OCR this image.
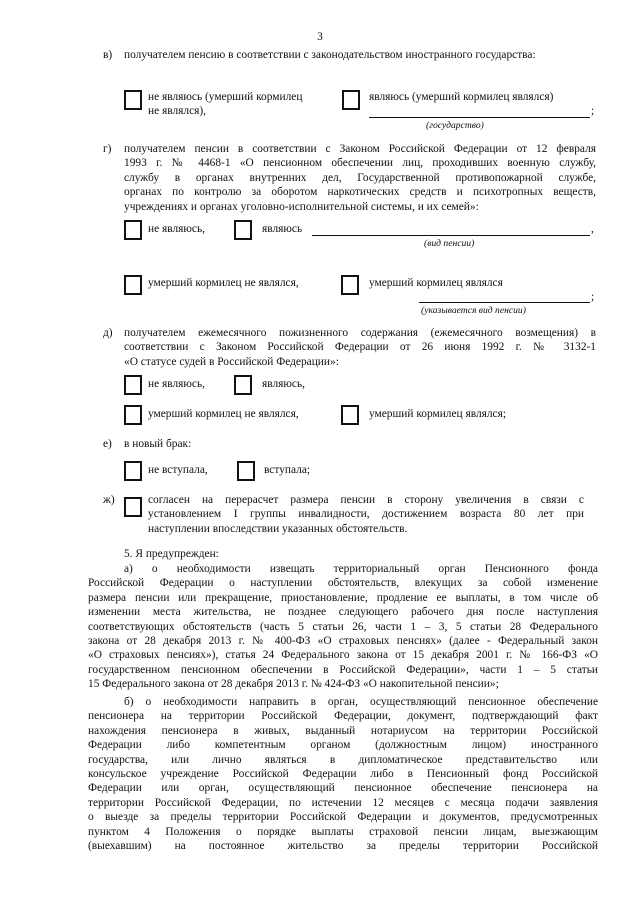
3
в) получателем пенсию в соответствии с законодательством иностранного государства:
не являюсь (умерший кормилец
не являлся),
являюсь (умерший кормилец являлся)
;
(государство)
г) получателем пенсии в соответствии с Законом Российской Федерации от 12 февраля
1993 г. № 4468-1 «О пенсионном обеспечении лиц, проходивших военную службу,
службу в органах внутренних дел, Государственной противопожарной службе,
органах по контролю за оборотом наркотических средств и психотропных веществ,
учреждениях и органах уголовно-исполнительной системы, и их семей»:
не являюсь,	являюсь	,
(вид пенсии)
умерший кормилец не являлся,	умерший кормилец являлся
;
(указывается вид пенсии)
д) получателем ежемесячного пожизненного содержания (ежемесячного возмещения) в
соответствии с Законом Российской Федерации от 26 июня 1992 г. № 3132-1
«О статусе судей в Российской Федерации»:
не являюсь,	являюсь,
умерший кормилец не являлся,	умерший кормилец являлся;
е) в новый брак:
не вступала,	вступала;
ж)	согласен на перерасчет размера пенсии в сторону увеличения в связи с
установлением I группы инвалидности, достижением возраста 80 лет при
наступлении впоследствии указанных обстоятельств.
5. Я предупрежден:
а) о необходимости извещать территориальный орган Пенсионного фонда
Российской Федерации о наступлении обстоятельств, влекущих за собой изменение
размера пенсии или прекращение, приостановление, продление ее выплаты, в том числе об
изменении места жительства, не позднее следующего рабочего дня после наступления
соответствующих обстоятельств (часть 5 статьи 26, части 1 – 3, 5 статьи 28 Федерального
закона от 28 декабря 2013 г. № 400-ФЗ «О страховых пенсиях» (далее - Федеральный закон
«О страховых пенсиях»), статья 24 Федерального закона от 15 декабря 2001 г. № 166-ФЗ «О
государственном пенсионном обеспечении в Российской Федерации», части 1 – 5 статьи
15 Федерального закона от 28 декабря 2013 г. № 424-ФЗ «О накопительной пенсии»;
б) о необходимости направить в орган, осуществляющий пенсионное обеспечение
пенсионера на территории Российской Федерации, документ, подтверждающий факт
нахождения пенсионера в живых, выданный нотариусом на территории Российской
Федерации либо компетентным органом (должностным лицом) иностранного
государства, или лично являться в дипломатическое представительство или
консульское учреждение Российской Федерации либо в Пенсионный фонд Российской
Федерации или орган, осуществляющий пенсионное обеспечение пенсионера на
территории Российской Федерации, по истечении 12 месяцев с месяца подачи заявления
о выезде за пределы территории Российской Федерации и документов, предусмотренных
пунктом 4 Положения о порядке выплаты страховой пенсии лицам, выезжающим
(выехавшим) на постоянное жительство за пределы территории Российской
